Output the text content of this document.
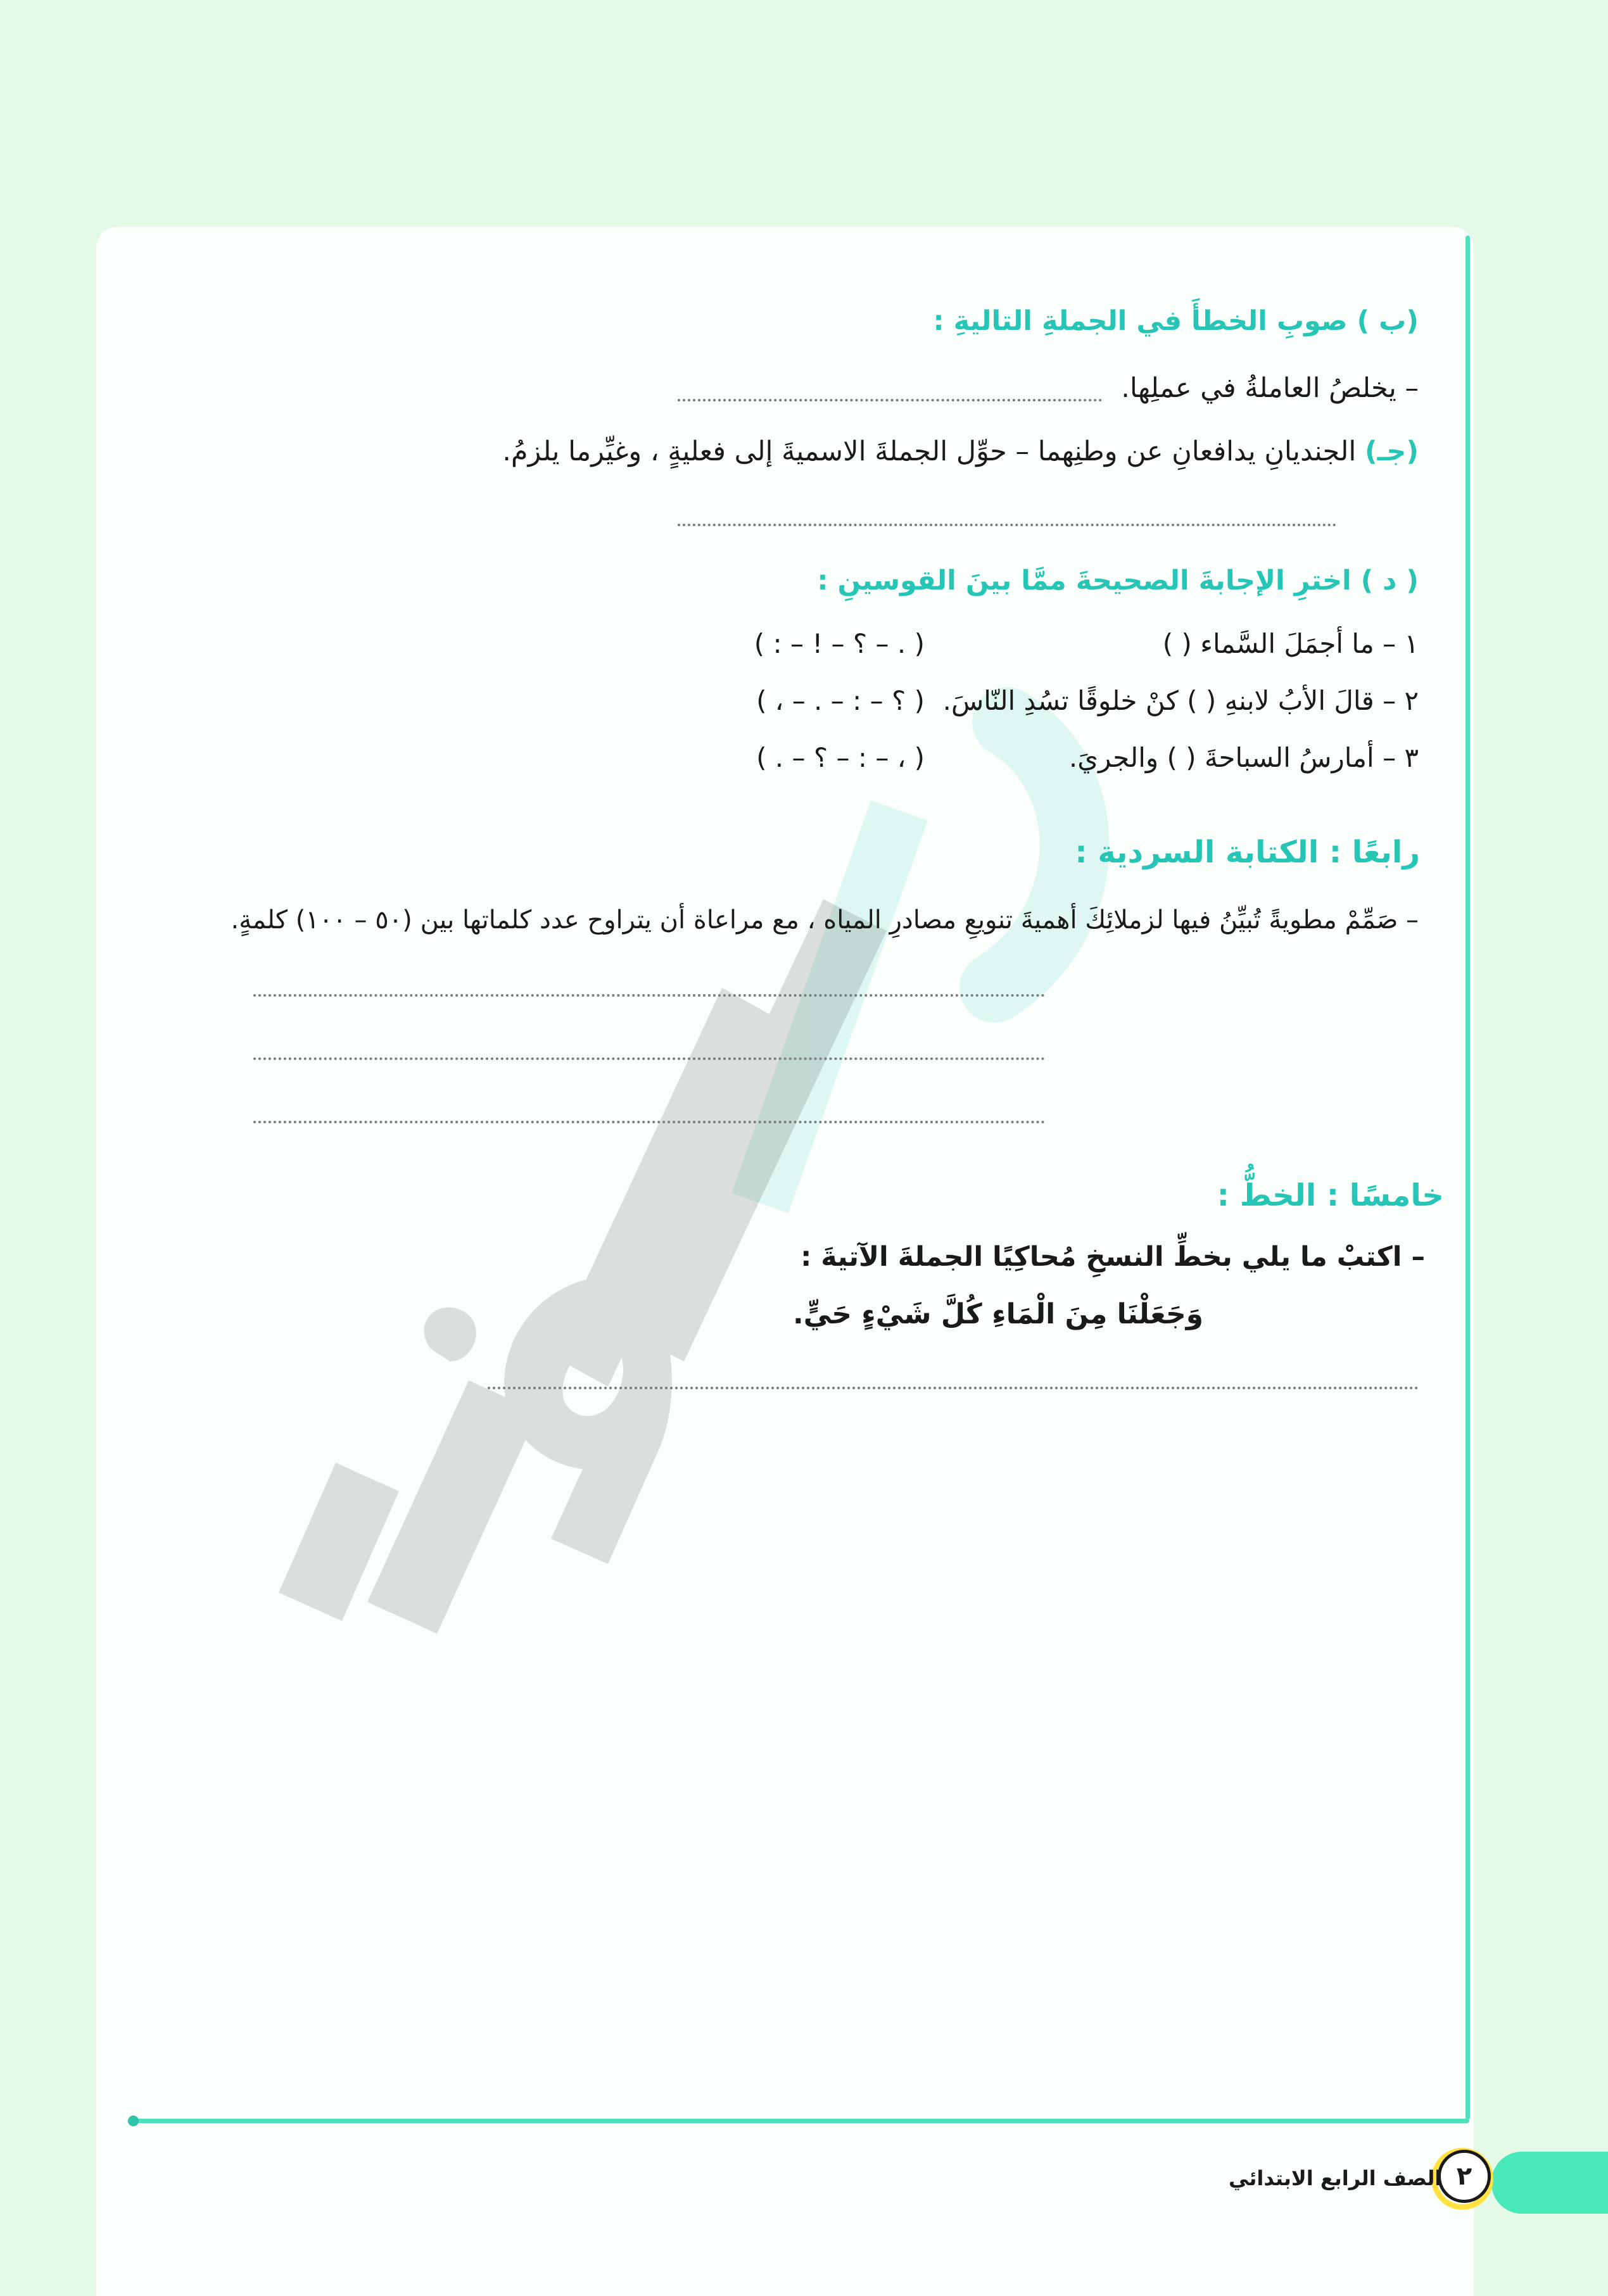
(ب ) صوبِ الخطأَ في الجملةِ التاليةِ :
– يخلصُ العاملةُ في عملِها.
(جـ) الجنديانِ يدافعانِ عن وطنِهما – حوِّل الجملةَ الاسميةَ إلى فعليةٍ ، وغيِّرما يلزمُ.
( د ) اخترِ الإجابةَ الصحيحةَ ممَّا بينَ القوسينِ :
١ – ما أجمَلَ السَّماء ( )
( . – ؟ – ! – : )
٢ – قالَ الأبُ لابنهِ ( ) كنْ خلوقًا تسُدِ النّاسَ.
( ؟ – : – . – ، )
٣ – أمارسُ السباحةَ ( ) والجريَ.
( ، – : – ؟ – . )
رابعًا : الكتابة السردية :
– صَمِّمْ مطويةً تُبيِّنُ فيها لزملائِكَ أهميةَ تنويعِ مصادرِ المياه ، مع مراعاة أن يتراوح عدد كلماتها بين (٥٠ – ١٠٠) كلمةٍ.
خامسًا : الخطُّ :
– اكتبْ ما يلي بخطِّ النسخِ مُحاكِيًا الجملةَ الآتيةَ :
وَجَعَلْنَا مِنَ الْمَاءِ كُلَّ شَيْءٍ حَيٍّ.
٢
الصف الرابع الابتدائي
